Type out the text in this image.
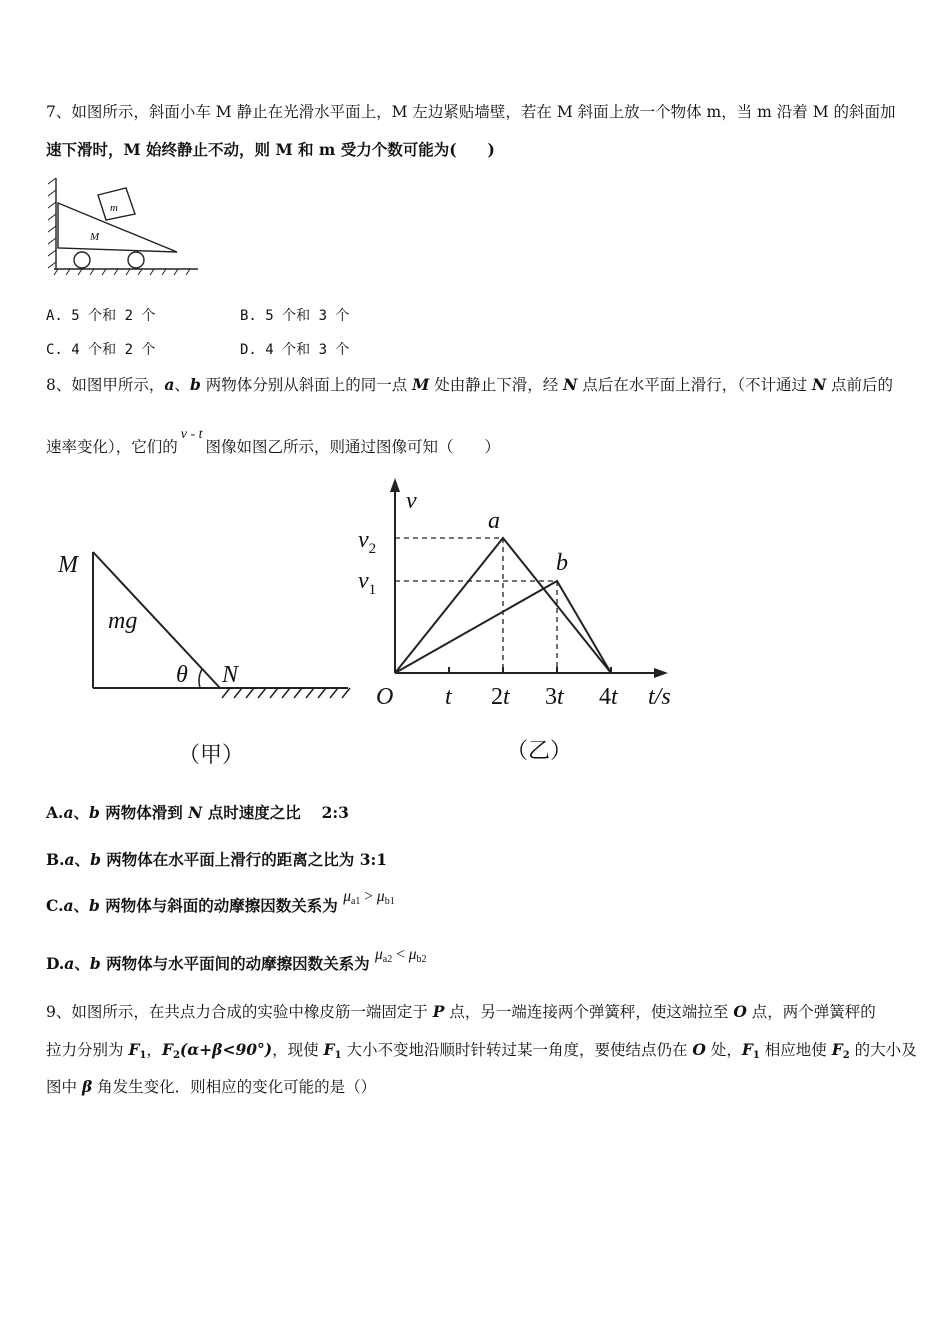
7、如图所示，斜面小车 M 静止在光滑水平面上，M 左边紧贴墙壁，若在 M 斜面上放一个物体 m，当 m 沿着 M 的斜面加
速下滑时，M 始终静止不动，则 M 和 m 受力个数可能为(　　)
M
m
A. 5 个和 2 个	B. 5 个和 3 个
C. 4 个和 2 个	D. 4 个和 3 个
8、如图甲所示，a、b 两物体分别从斜面上的同一点 M 处由静止下滑，经 N 点后在水平面上滑行，（不计通过 N 点前后的
速率变化），它们的v - t图像如图乙所示，则通过图像可知（　　）
M
mg
θ N
（甲）
t 2t 3t 4t
v
O	t/s
$v_2$
$v_1$
a
b
（乙）
A.a、b 两物体滑到 N 点时速度之比　 2:3
B.a、b 两物体在水平面上滑行的距离之比为 3:1
C.a、b 两物体与斜面的动摩擦因数关系为 $\mu_{a1} > \mu_{b1}$
D.a、b 两物体与水平面间的动摩擦因数关系为 $\mu_{a2} < \mu_{b2}$
9、如图所示，在共点力合成的实验中橡皮筋一端固定于 P 点，另一端连接两个弹簧秤，使这端拉至 O 点，两个弹簧秤的
拉力分别为 $F_1$，$F_2(\alpha+\beta<90^\circ)$，现使 $F_1$ 大小不变地沿顺时针转过某一角度，要使结点仍在 O 处，$F_1$ 相应地使 $F_2$ 的大小及
图中 β 角发生变化．则相应的变化可能的是（）
